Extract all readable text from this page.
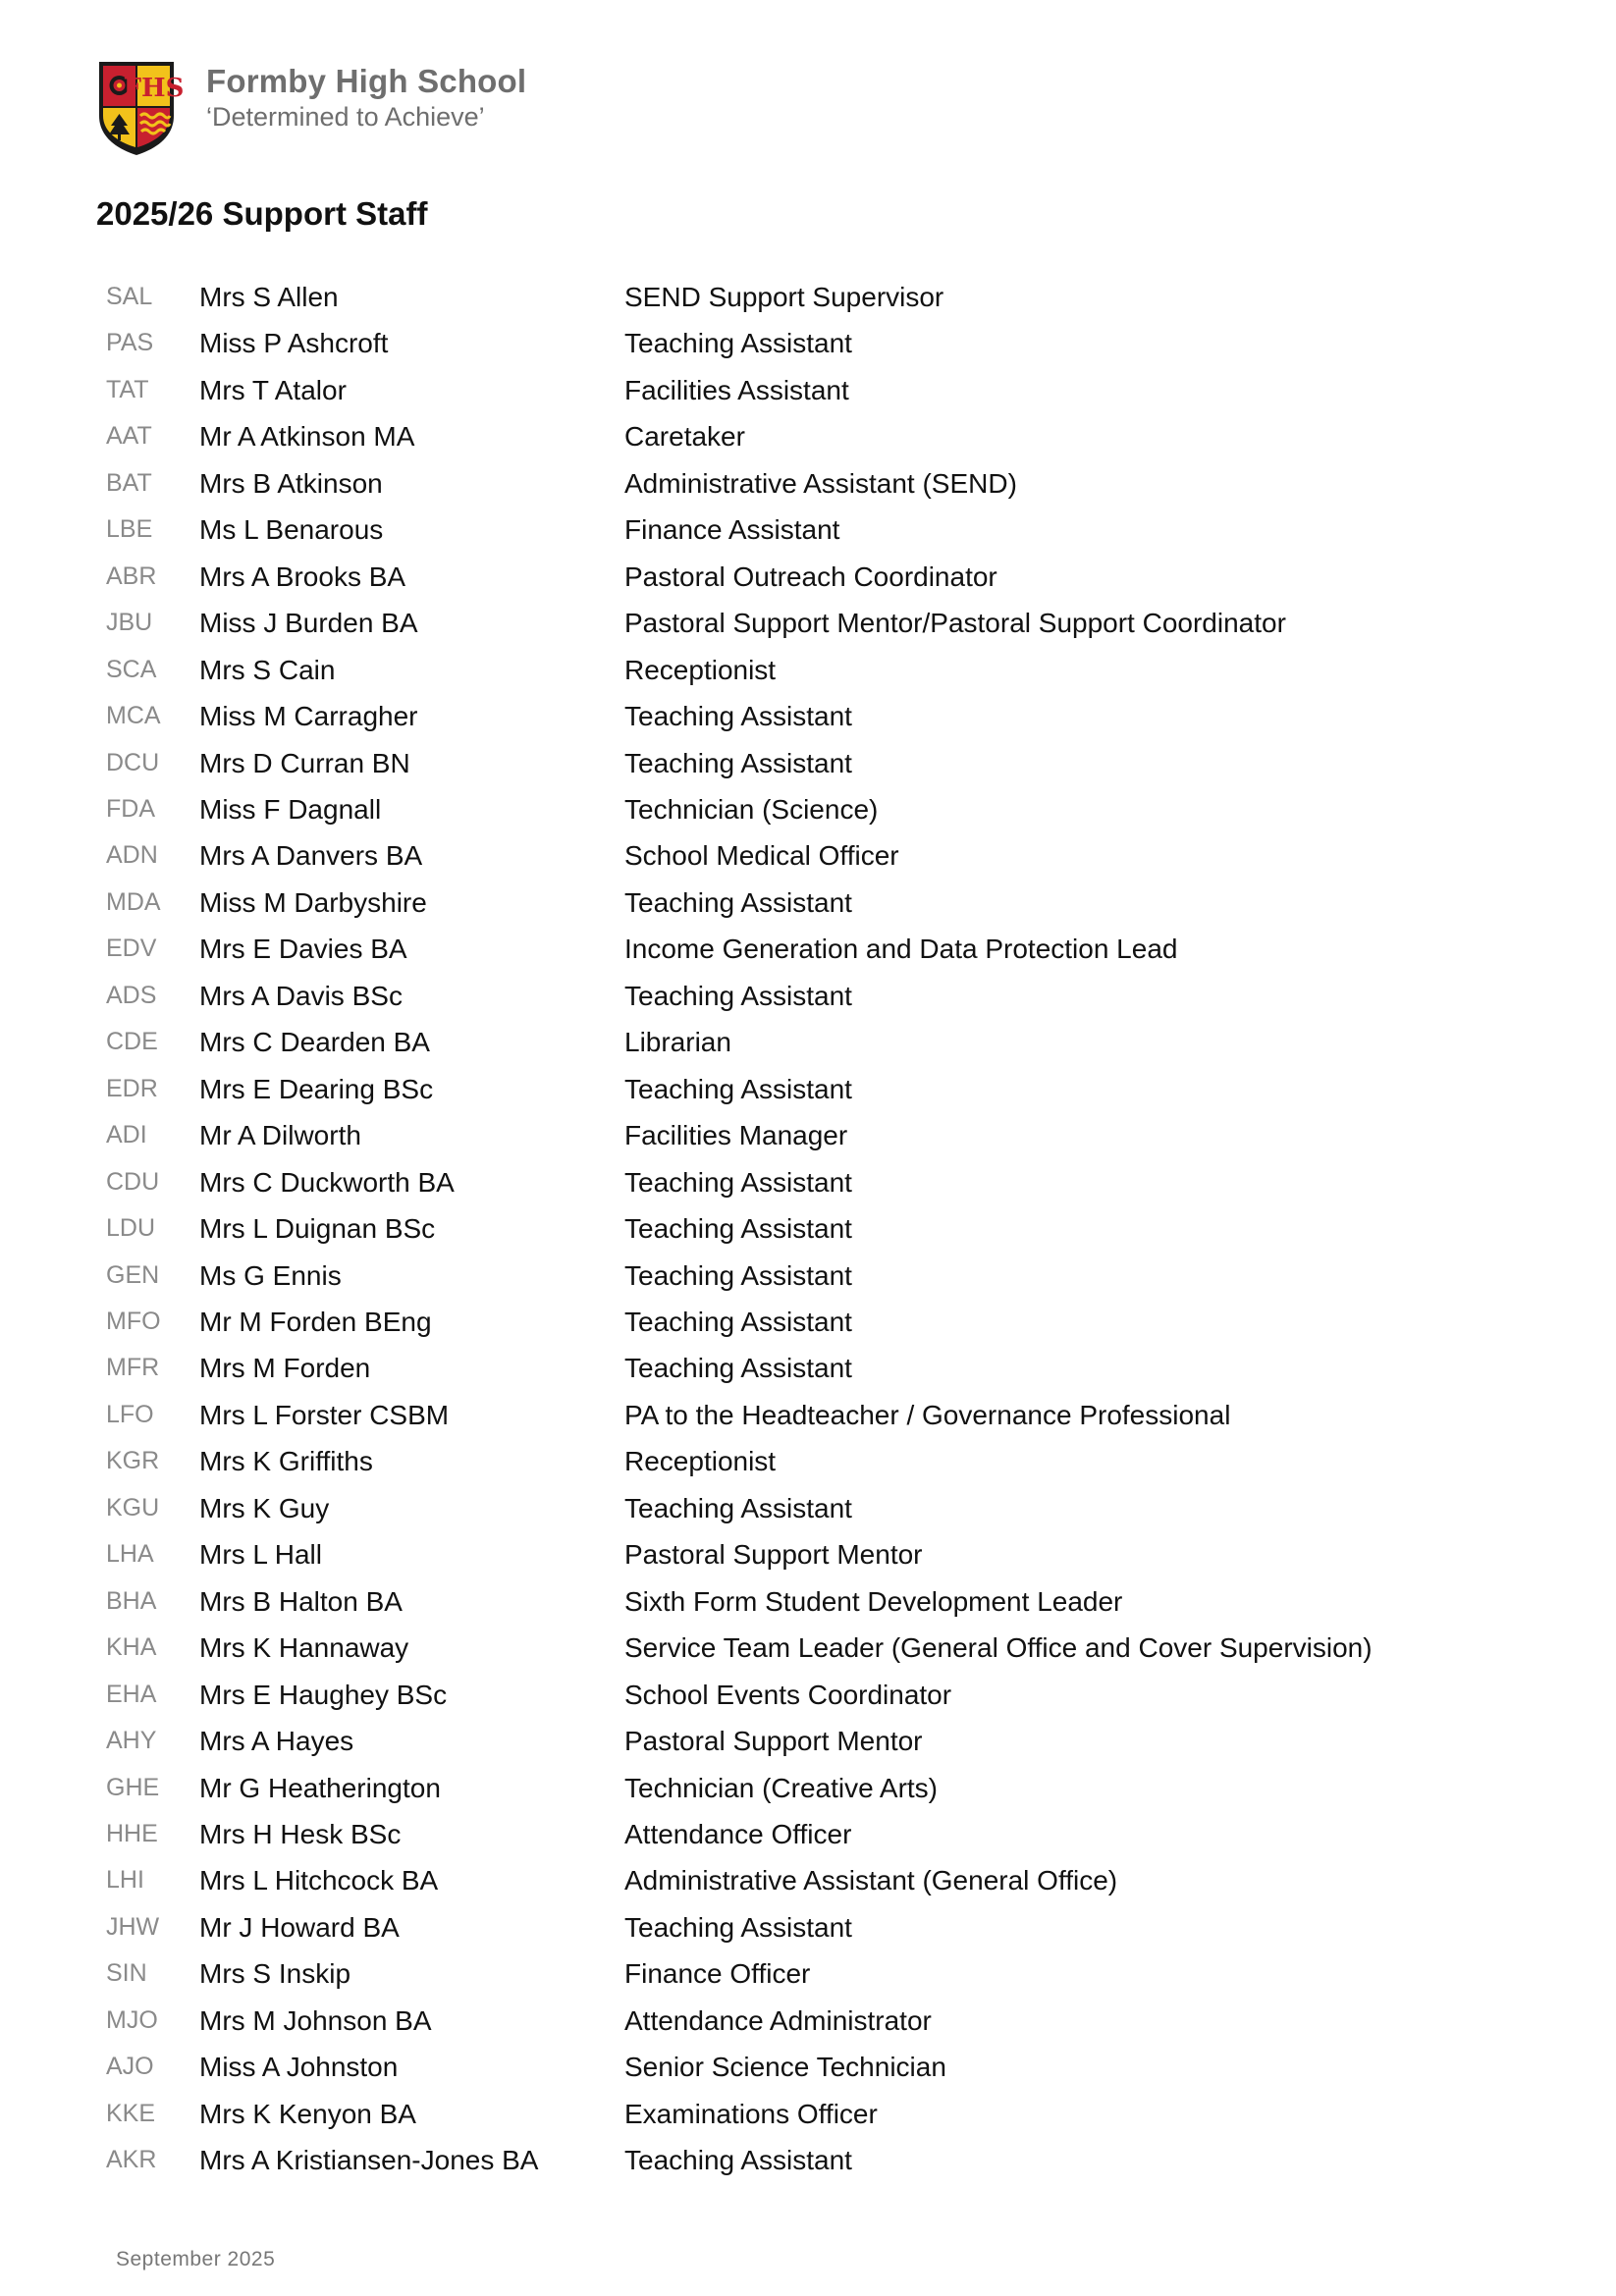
FHS Formby High School
‘Determined to Achieve’
2025/26 Support Staff
SAL Mrs S Allen	SEND Support Supervisor
PAS Miss P Ashcroft	Teaching Assistant
TAT Mrs T Atalor	Facilities Assistant
AAT Mr A Atkinson MA	Caretaker
BAT Mrs B Atkinson	Administrative Assistant (SEND)
LBE Ms L Benarous	Finance Assistant
ABR Mrs A Brooks BA	Pastoral Outreach Coordinator
JBU Miss J Burden BA	Pastoral Support Mentor/Pastoral Support Coordinator
SCA Mrs S Cain	Receptionist
MCA Miss M Carragher	Teaching Assistant
DCU Mrs D Curran BN	Teaching Assistant
FDA Miss F Dagnall	Technician (Science)
ADN Mrs A Danvers BA	School Medical Officer
MDA Miss M Darbyshire	Teaching Assistant
EDV Mrs E Davies BA	Income Generation and Data Protection Lead
ADS Mrs A Davis BSc	Teaching Assistant
CDE Mrs C Dearden BA	Librarian
EDR Mrs E Dearing BSc	Teaching Assistant
ADI Mr A Dilworth	Facilities Manager
CDU Mrs C Duckworth BA	Teaching Assistant
LDU Mrs L Duignan BSc	Teaching Assistant
GEN Ms G Ennis	Teaching Assistant
MFO Mr M Forden BEng	Teaching Assistant
MFR Mrs M Forden	Teaching Assistant
LFO Mrs L Forster CSBM	PA to the Headteacher / Governance Professional
KGR Mrs K Griffiths	Receptionist
KGU Mrs K Guy	Teaching Assistant
LHA Mrs L Hall	Pastoral Support Mentor
BHA Mrs B Halton BA	Sixth Form Student Development Leader
KHA Mrs K Hannaway	Service Team Leader (General Office and Cover Supervision)
EHA Mrs E Haughey BSc	School Events Coordinator
AHY Mrs A Hayes	Pastoral Support Mentor
GHE Mr G Heatherington	Technician (Creative Arts)
HHE Mrs H Hesk BSc	Attendance Officer
LHI Mrs L Hitchcock BA	Administrative Assistant (General Office)
JHW Mr J Howard BA	Teaching Assistant
SIN Mrs S Inskip	Finance Officer
MJO Mrs M Johnson BA	Attendance Administrator
AJO Miss A Johnston	Senior Science Technician
KKE Mrs K Kenyon BA	Examinations Officer
AKR Mrs A Kristiansen-Jones BA	Teaching Assistant
September 2025
